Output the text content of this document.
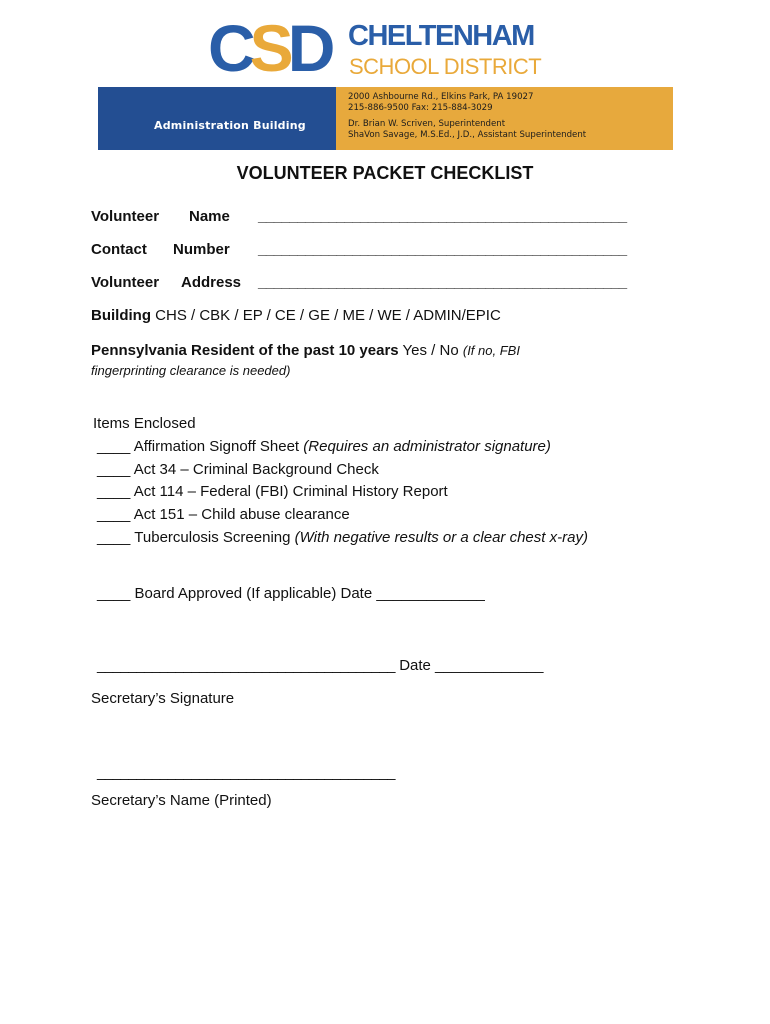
CSD CHELTENHAM
SCHOOL DISTRICT
Administration Building
2000 Ashbourne Rd., Elkins Park, PA 19027
215-886-9500 Fax: 215-884-3029
Dr. Brian W. Scriven, Superintendent
ShaVon Savage, M.S.Ed., J.D., Assistant Superintendent
VOLUNTEER PACKET CHECKLIST
Volunteer Name _______________________________________________
Contact Number _______________________________________________
Volunteer Address _______________________________________________
Building CHS / CBK / EP / CE / GE / ME / WE / ADMIN/EPIC
Pennsylvania Resident of the past 10 years Yes / No (If no, FBI
fingerprinting clearance is needed)
Items Enclosed
____ Affirmation Signoff Sheet (Requires an administrator signature)
____ Act 34 – Criminal Background Check
____ Act 114 – Federal (FBI) Criminal History Report
____ Act 151 – Child abuse clearance
____ Tuberculosis Screening (With negative results or a clear chest x-ray)
____ Board Approved (If applicable) Date _____________
______________________________________ Date _____________
Secretary’s Signature
______________________________________
Secretary’s Name (Printed)
